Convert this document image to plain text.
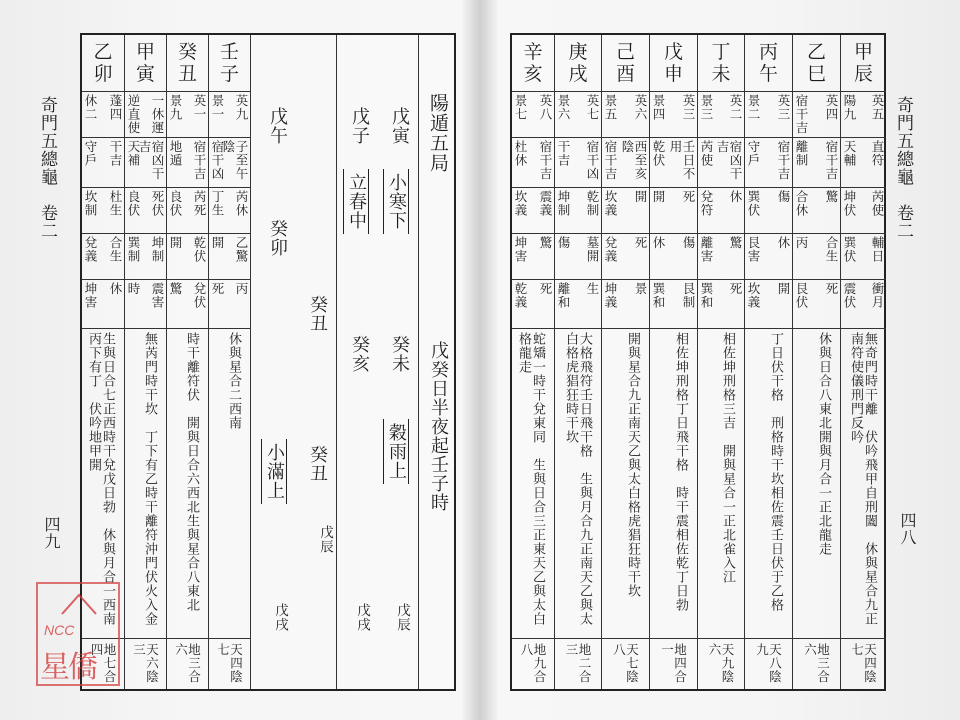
奇門五總龜　卷二
四九
乙
卯
蓬四
休二
干吉
守戶
杜生
坎制
合生
兌義
休
坤害
生與日合七正西時干兌戊日勃　休與月合一西南丙下有丁　伏吟地甲開
地七合四
甲
寅
一休運
逆直使
宿凶干吉
天補
死伏
良伏
坤制
巽制
震害
時
無芮門時干坎　丁下有乙時干離符沖門伏火入金
天六陰三
癸
丑
英一
景九
宿干吉
地遁
芮死
良伏
乾伏
開
兌伏
驚
時干離符伏　開與日合六西北生與星合八東北
地三合六
壬
子
英九
景一
子至午陰
宿干凶
芮休
丁生
乙驚
開
丙
死
休與星合二西南
天四陰七
戊午
癸卯
小滿上
戊戌
癸丑
癸丑
戊辰
戊子
立春中
癸亥
戊戌
戊寅
小寒下
癸未
穀雨上
戊辰
陽遁五局
戊癸日半夜起壬子時
NCC
星僑
奇門五總龜　卷二
四八
辛
亥
英八
景七
宿干吉
杜休
震義
坎義
驚
坤害
死
乾義
蛇矯一時干兌東同　生與日合三正東天乙與太白格龍走
地九合八
庚
戌
英七
景六
宿干凶
干吉
乾制
坤制
墓開
傷
生
離和
大格飛符壬日飛干格　生與月合九正南天乙與太白格虎猖狂時干坎
地二合三
己
酉
英六
景五
西至亥陰
宿干吉
開
坎義
死
兌義
景
坤義
開與星合九正南天乙與太白格虎猖狂時干坎
天七陰八
戊
申
英三
景四
壬日不用
乾伏
死
開
傷
休
艮制
巽和
相佐坤刑格丁日飛干格　時干震相佐乾丁日勃
地四合一
丁
未
英二
景三
宿凶干吉
芮使
休
兌符
驚
離害
死
巽和
相佐坤刑格三吉　開與星合一正北雀入江
天九陰六
丙
午
英三
景二
宿干吉
守戶
傷
巽伏
休
艮害
開
坎義
丁日伏干格　刑格時干坎相佐震壬日伏于乙格
天八陰九
乙
巳
英四
宿干吉
宿干吉
離制
驚
合休
合生
丙
死
艮伏
休與日合八東北開與月合一正北龍走
地三合六
甲
辰
英五
陽九
直符
天輔
芮使
坤伏
輔日
巽伏
衝月
震伏
無奇門時干離　伏吟飛甲自刑闔　休與星合九正南符使儀刑門反吟
天四陰七
